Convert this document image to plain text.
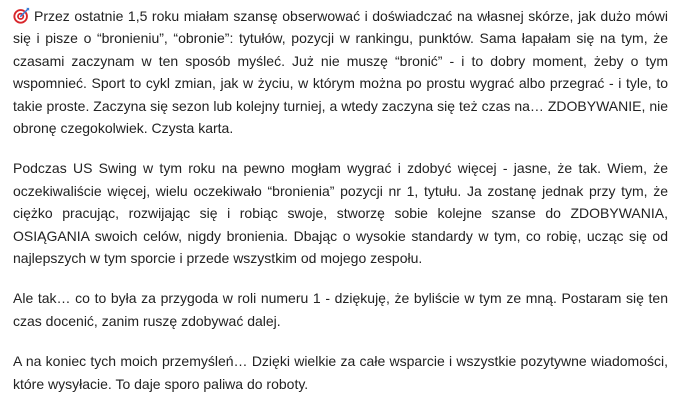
Przez ostatnie 1,5 roku miałam szansę obserwować i doświadczać na własnej skórze, jak dużo mówi się i pisze o “bronieniu”, “obronie”: tytułów, pozycji w rankingu, punktów. Sama łapałam się na tym, że czasami zaczynam w ten sposób myśleć. Już nie muszę “bronić” - i to dobry moment, żeby o tym wspomnieć. Sport to cykl zmian, jak w życiu, w którym można po prostu wygrać albo przegrać - i tyle, to takie proste. Zaczyna się sezon lub kolejny turniej, a wtedy zaczyna się też czas na… ZDOBYWANIE, nie obronę czegokolwiek. Czysta karta.

Podczas US Swing w tym roku na pewno mogłam wygrać i zdobyć więcej - jasne, że tak. Wiem, że oczekiwaliście więcej, wielu oczekiwało “bronienia” pozycji nr 1, tytułu. Ja zostanę jednak przy tym, że ciężko pracując, rozwijając się i robiąc swoje, stworzę sobie kolejne szanse do ZDOBYWANIA, OSIĄGANIA swoich celów, nigdy bronienia. Dbając o wysokie standardy w tym, co robię, ucząc się od najlepszych w tym sporcie i przede wszystkim od mojego zespołu.

Ale tak… co to była za przygoda w roli numeru 1 - dziękuję, że byliście w tym ze mną. Postaram się ten czas docenić, zanim ruszę zdobywać dalej.

A na koniec tych moich przemyśleń… Dzięki wielkie za całe wsparcie i wszystkie pozytywne wiadomości, które wysyłacie. To daje sporo paliwa do roboty.
